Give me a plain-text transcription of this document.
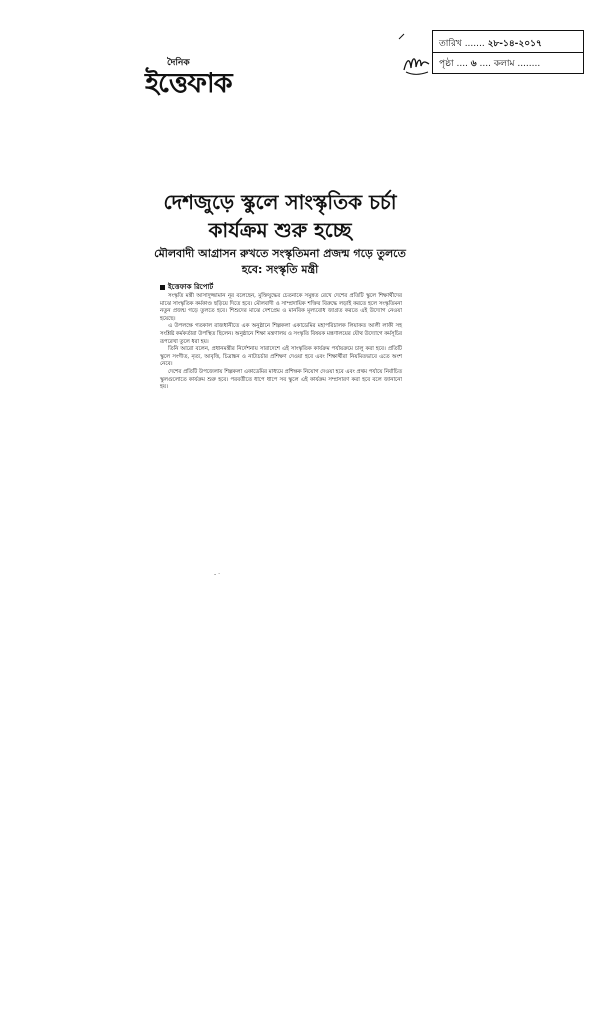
দৈনিক
ইত্তেফাক
তারিখ ....... ২৮-১৪-২০১৭
পৃষ্ঠা .... ৬ .... কলাম ........
দেশজুড়ে স্কুলে সাংস্কৃতিক চর্চা কার্যক্রম শুরু হচ্ছে
মৌলবাদী আগ্রাসন রুখতে সংস্কৃতিমনা প্রজন্ম গড়ে তুলতে হবে: সংস্কৃতি মন্ত্রী
ইত্তেফাক রিপোর্ট

সংস্কৃতি মন্ত্রী আসাদুজ্জামান নূর বলেছেন, মুক্তিযুদ্ধের চেতনাকে সমুন্নত রেখে দেশের প্রতিটি স্কুলে শিক্ষার্থীদের মাঝে সাংস্কৃতিক কর্মকাণ্ড ছড়িয়ে দিতে হবে। মৌলবাদী ও সাম্প্রদায়িক শক্তির বিরুদ্ধে লড়াই করতে হলে সংস্কৃতিমনা নতুন প্রজন্ম গড়ে তুলতে হবে। শিশুদের মাঝে দেশপ্রেম ও মানবিক মূল্যবোধ জাগ্রত করতে এই উদ্যোগ নেওয়া হয়েছে।

এ উপলক্ষে গতকাল রাজধানীতে এক অনুষ্ঠানে শিল্পকলা একাডেমির মহাপরিচালক লিয়াকত আলী লাকী সহ সংশ্লিষ্ট কর্মকর্তারা উপস্থিত ছিলেন। অনুষ্ঠানে শিক্ষা মন্ত্রণালয় ও সংস্কৃতি বিষয়ক মন্ত্রণালয়ের যৌথ উদ্যোগে কর্মসূচির রূপরেখা তুলে ধরা হয়।

তিনি আরো বলেন, প্রধানমন্ত্রীর নির্দেশনায় সারাদেশে এই সাংস্কৃতিক কার্যক্রম পর্যায়ক্রমে চালু করা হবে। প্রতিটি স্কুলে সংগীত, নৃত্য, আবৃত্তি, চিত্রাঙ্কন ও নাট্যচর্চার প্রশিক্ষণ দেওয়া হবে এবং শিক্ষার্থীরা নিয়মিতভাবে এতে অংশ নেবে।

দেশের প্রতিটি উপজেলায় শিল্পকলা একাডেমির মাধ্যমে প্রশিক্ষক নিয়োগ দেওয়া হবে এবং প্রথম পর্যায়ে নির্বাচিত স্কুলগুলোতে কার্যক্রম শুরু হবে। পরবর্তীতে ধাপে ধাপে সব স্কুলে এই কার্যক্রম সম্প্রসারণ করা হবে বলে জানানো হয়।

- ·
